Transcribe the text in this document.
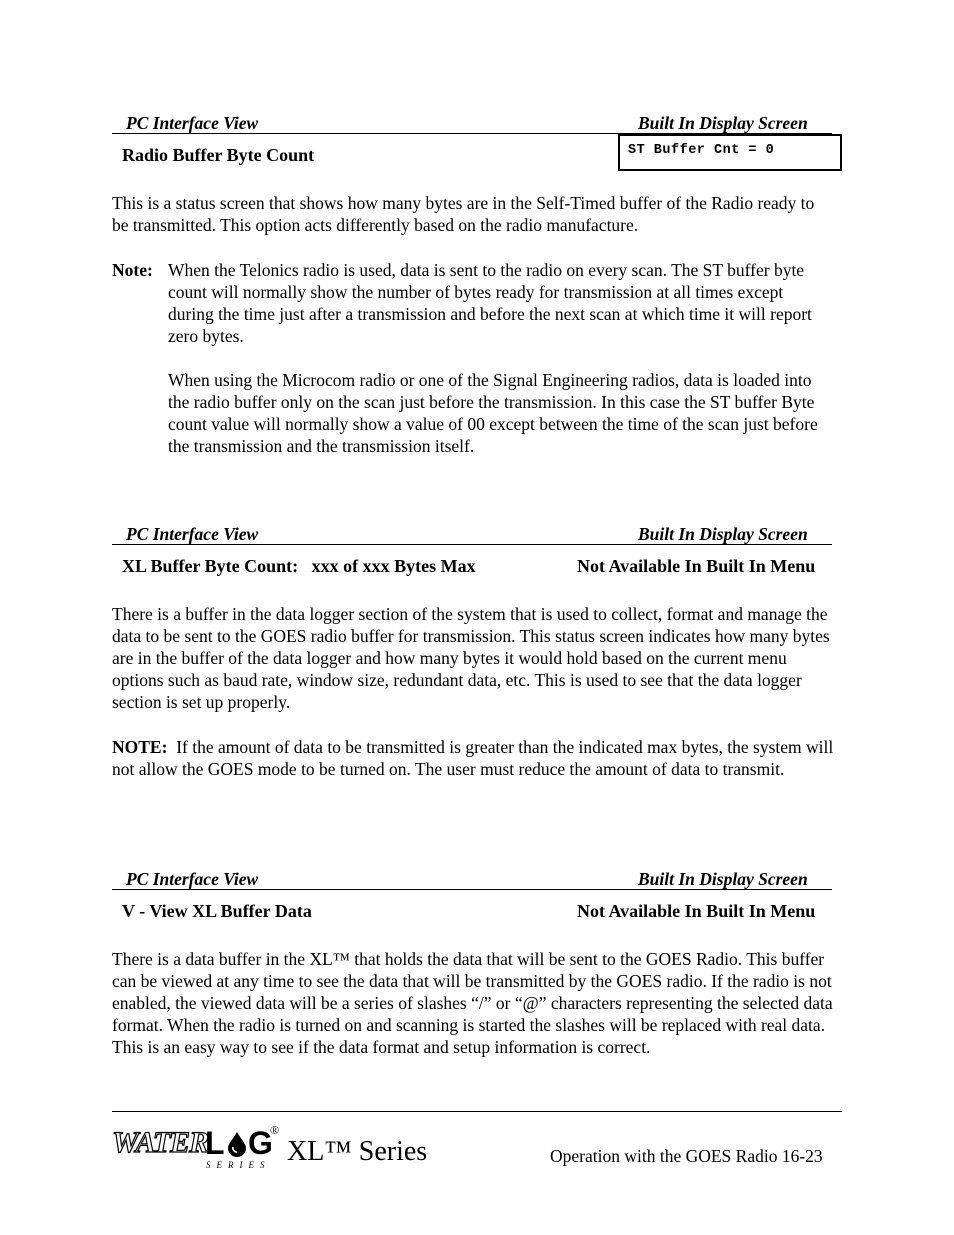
PC Interface View	Built In Display Screen
Radio Buffer Byte Count	ST Buffer Cnt = 0
This is a status screen that shows how many bytes are in the Self-Timed buffer of the Radio ready to be transmitted. This option acts differently based on the radio manufacture.
Note: When the Telonics radio is used, data is sent to the radio on every scan. The ST buffer byte count will normally show the number of bytes ready for transmission at all times except during the time just after a transmission and before the next scan at which time it will report zero bytes.
When using the Microcom radio or one of the Signal Engineering radios, data is loaded into the radio buffer only on the scan just before the transmission. In this case the ST buffer Byte count value will normally show a value of 00 except between the time of the scan just before the transmission and the transmission itself.
PC Interface View	Built In Display Screen
XL Buffer Byte Count:   xxx of xxx Bytes Max	Not Available In Built In Menu
There is a buffer in the data logger section of the system that is used to collect, format and manage the data to be sent to the GOES radio buffer for transmission. This status screen indicates how many bytes are in the buffer of the data logger and how many bytes it would hold based on the current menu options such as baud rate, window size, redundant data, etc. This is used to see that the data logger section is set up properly.
NOTE: If the amount of data to be transmitted is greater than the indicated max bytes, the system will not allow the GOES mode to be turned on. The user must reduce the amount of data to transmit.
PC Interface View	Built In Display Screen
V - View XL Buffer Data	Not Available In Built In Menu
There is a data buffer in the XL™ that holds the data that will be sent to the GOES Radio. This buffer can be viewed at any time to see the data that will be transmitted by the GOES radio. If the radio is not enabled, the viewed data will be a series of slashes “/” or “@” characters representing the selected data format. When the radio is turned on and scanning is started the slashes will be replaced with real data. This is an easy way to see if the data format and setup information is correct.
WATER
L G
®
SERIES XL™ Series	Operation with the GOES Radio 16-23
